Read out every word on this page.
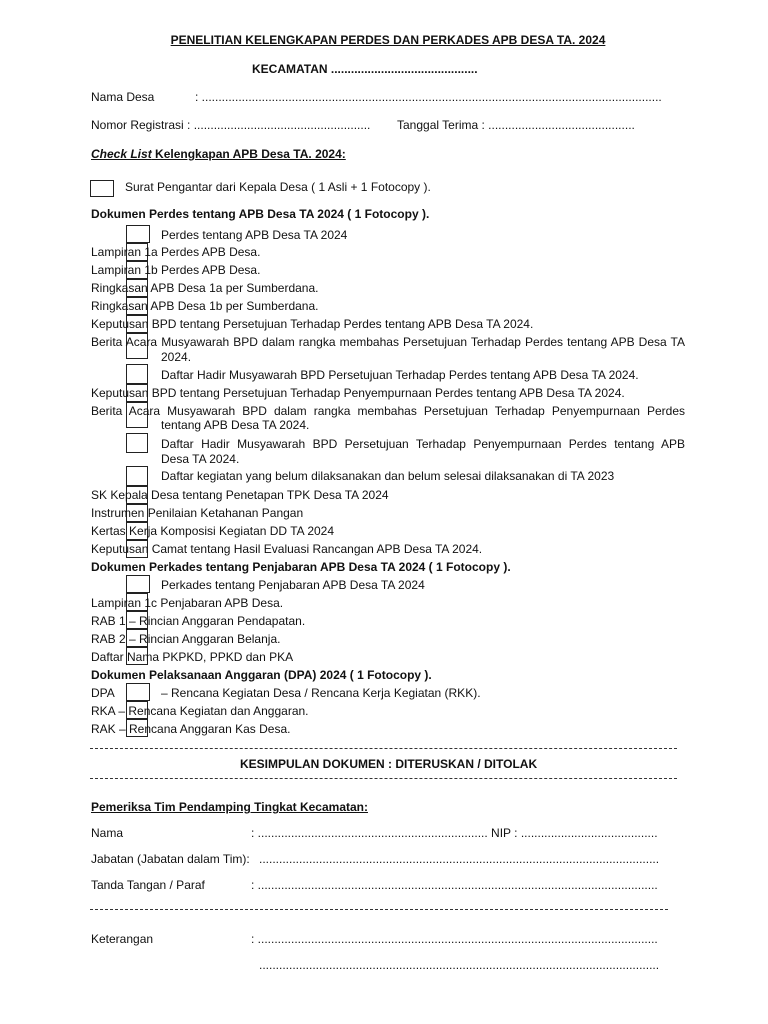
PENELITIAN KELENGKAPAN PERDES DAN PERKADES APB DESA TA. 2024
KECAMATAN ............................................
Nama Desa	: ..........................................................................................................................................
Nomor Registrasi : ..................................................... Tanggal Terima : ............................................
Check List Kelengkapan APB Desa TA. 2024:
Surat Pengantar dari Kepala Desa ( 1 Asli + 1 Fotocopy ).
Dokumen Perdes tentang APB Desa TA 2024 ( 1 Fotocopy ).
Perdes tentang APB Desa TA 2024
Lampiran 1a Perdes APB Desa.
Lampiran 1b Perdes APB Desa.
Ringkasan APB Desa 1a per Sumberdana.
Ringkasan APB Desa 1b per Sumberdana.
Keputusan BPD tentang Persetujuan Terhadap Perdes tentang APB Desa TA 2024.
Berita Acara Musyawarah BPD dalam rangka membahas Persetujuan Terhadap Perdes tentang APB Desa TA
2024.
Daftar Hadir Musyawarah BPD Persetujuan Terhadap Perdes tentang APB Desa TA 2024.
Keputusan BPD tentang Persetujuan Terhadap Penyempurnaan Perdes tentang APB Desa TA 2024.
Berita Acara Musyawarah BPD dalam rangka membahas Persetujuan Terhadap Penyempurnaan Perdes
tentang APB Desa TA 2024.
Daftar Hadir Musyawarah BPD Persetujuan Terhadap Penyempurnaan Perdes tentang APB
Desa TA 2024.
Daftar kegiatan yang belum dilaksanakan dan belum selesai dilaksanakan di TA 2023
SK Kepala Desa tentang Penetapan TPK Desa TA 2024
Instrumen Penilaian Ketahanan Pangan
Kertas Kerja Komposisi Kegiatan DD TA 2024
Keputusan Camat tentang Hasil Evaluasi Rancangan APB Desa TA 2024.
Dokumen Perkades tentang Penjabaran APB Desa TA 2024 ( 1 Fotocopy ).
Perkades tentang Penjabaran APB Desa TA 2024
Lampiran 1c Penjabaran APB Desa.
RAB 1 – Rincian Anggaran Pendapatan.
RAB 2 – Rincian Anggaran Belanja.
Daftar Nama PKPKD, PPKD dan PKA
Dokumen Pelaksanaan Anggaran (DPA) 2024 ( 1 Fotocopy ).
DPA	– Rencana Kegiatan Desa / Rencana Kerja Kegiatan (RKK).
RKA – Rencana Kegiatan dan Anggaran.
RAK – Rencana Anggaran Kas Desa.
KESIMPULAN DOKUMEN : DITERUSKAN / DITOLAK
Pemeriksa Tim Pendamping Tingkat Kecamatan:
Nama	: ..................................................................... NIP : .........................................
Jabatan (Jabatan dalam Tim): ........................................................................................................................
Tanda Tangan / Paraf	: ........................................................................................................................
Keterangan	: ........................................................................................................................
........................................................................................................................
